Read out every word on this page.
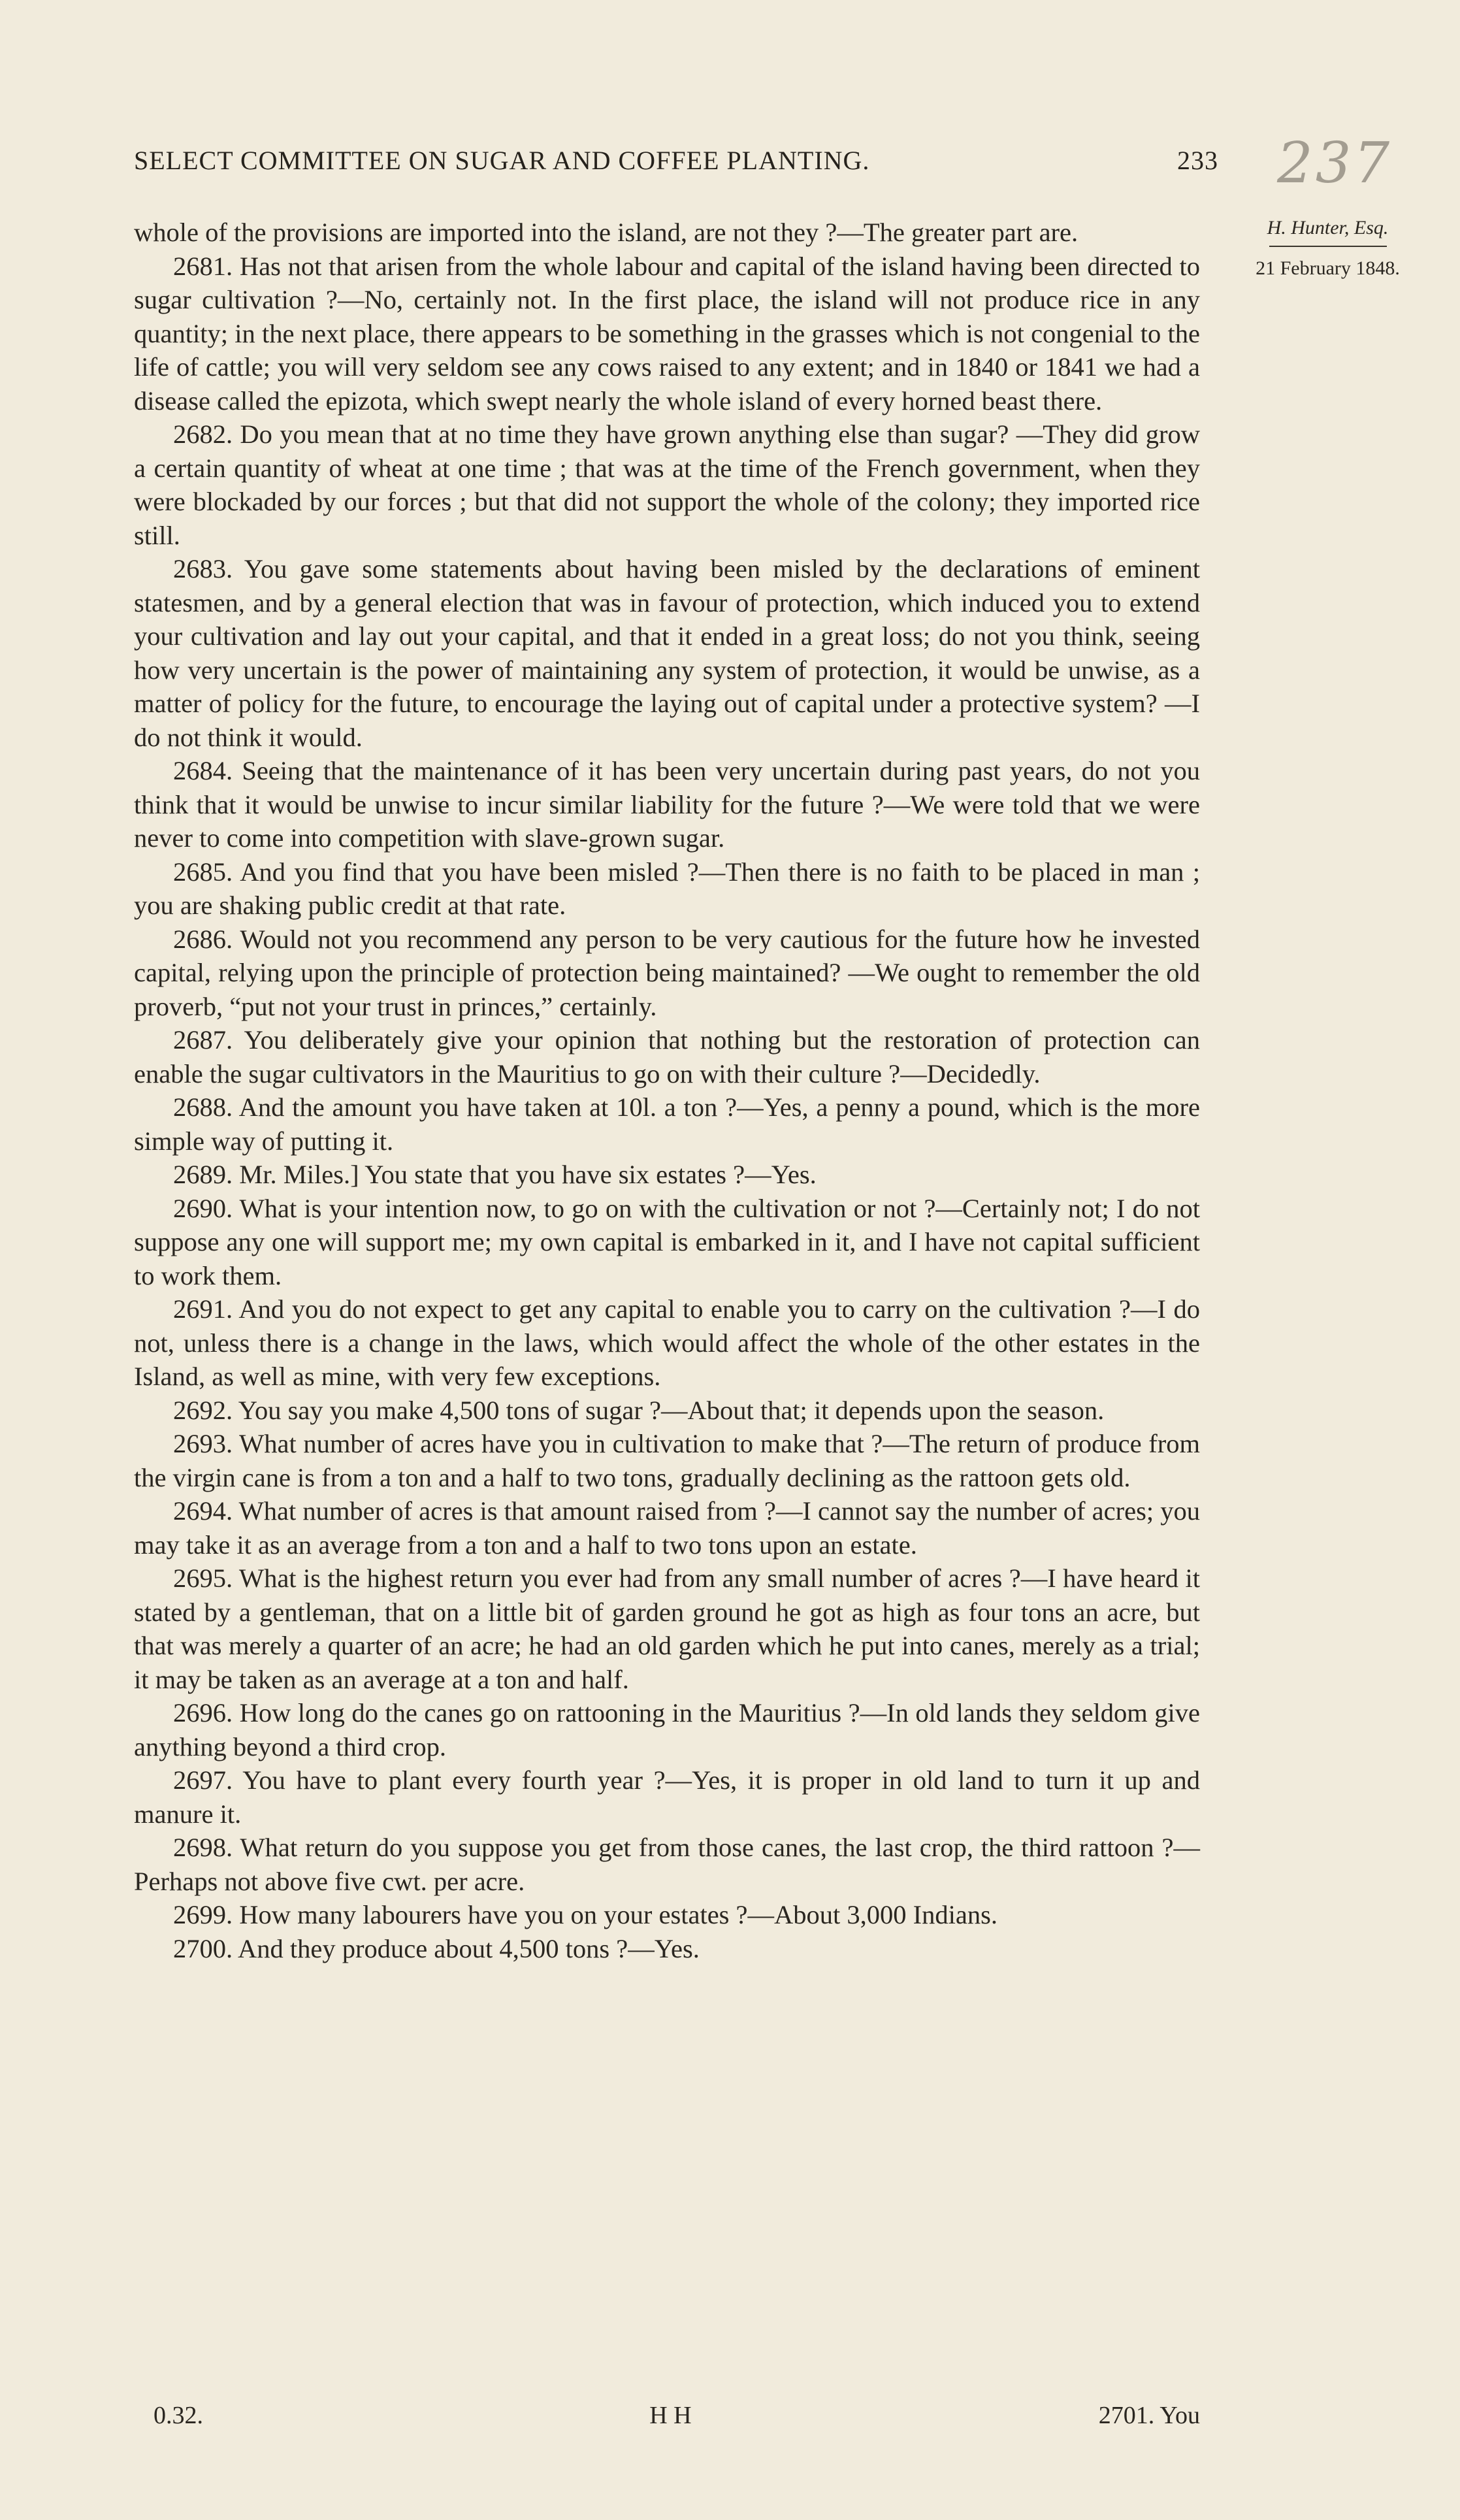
SELECT COMMITTEE ON SUGAR AND COFFEE PLANTING.	233 237
H. Hunter, Esq.
21 February 1848.

whole of the provisions are imported into the island, are not they ?—The greater part are.

2681. Has not that arisen from the whole labour and capital of the island having been directed to sugar cultivation ?—No, certainly not. In the first place, the island will not produce rice in any quantity; in the next place, there appears to be something in the grasses which is not congenial to the life of cattle; you will very seldom see any cows raised to any extent; and in 1840 or 1841 we had a disease called the epizota, which swept nearly the whole island of every horned beast there.

2682. Do you mean that at no time they have grown anything else than sugar? —They did grow a certain quantity of wheat at one time ; that was at the time of the French government, when they were blockaded by our forces ; but that did not support the whole of the colony; they imported rice still.

2683. You gave some statements about having been misled by the declarations of eminent statesmen, and by a general election that was in favour of protection, which induced you to extend your cultivation and lay out your capital, and that it ended in a great loss; do not you think, seeing how very uncertain is the power of maintaining any system of protection, it would be unwise, as a matter of policy for the future, to encourage the laying out of capital under a protective system? —I do not think it would.

2684. Seeing that the maintenance of it has been very uncertain during past years, do not you think that it would be unwise to incur similar liability for the future ?—We were told that we were never to come into competition with slave-grown sugar.

2685. And you find that you have been misled ?—Then there is no faith to be placed in man ; you are shaking public credit at that rate.

2686. Would not you recommend any person to be very cautious for the future how he invested capital, relying upon the principle of protection being maintained? —We ought to remember the old proverb, “put not your trust in princes,” certainly.

2687. You deliberately give your opinion that nothing but the restoration of protection can enable the sugar cultivators in the Mauritius to go on with their culture ?—Decidedly.

2688. And the amount you have taken at 10l. a ton ?—Yes, a penny a pound, which is the more simple way of putting it.

2689. Mr. Miles.] You state that you have six estates ?—Yes.

2690. What is your intention now, to go on with the cultivation or not ?—Certainly not; I do not suppose any one will support me; my own capital is embarked in it, and I have not capital sufficient to work them.

2691. And you do not expect to get any capital to enable you to carry on the cultivation ?—I do not, unless there is a change in the laws, which would affect the whole of the other estates in the Island, as well as mine, with very few exceptions.

2692. You say you make 4,500 tons of sugar ?—About that; it depends upon the season.

2693. What number of acres have you in cultivation to make that ?—The return of produce from the virgin cane is from a ton and a half to two tons, gradually declining as the rattoon gets old.

2694. What number of acres is that amount raised from ?—I cannot say the number of acres; you may take it as an average from a ton and a half to two tons upon an estate.

2695. What is the highest return you ever had from any small number of acres ?—I have heard it stated by a gentleman, that on a little bit of garden ground he got as high as four tons an acre, but that was merely a quarter of an acre; he had an old garden which he put into canes, merely as a trial; it may be taken as an average at a ton and half.

2696. How long do the canes go on rattooning in the Mauritius ?—In old lands they seldom give anything beyond a third crop.

2697. You have to plant every fourth year ?—Yes, it is proper in old land to turn it up and manure it.

2698. What return do you suppose you get from those canes, the last crop, the third rattoon ?—Perhaps not above five cwt. per acre.

2699. How many labourers have you on your estates ?—About 3,000 Indians.

2700. And they produce about 4,500 tons ?—Yes.

0.32.	H H	2701. You
